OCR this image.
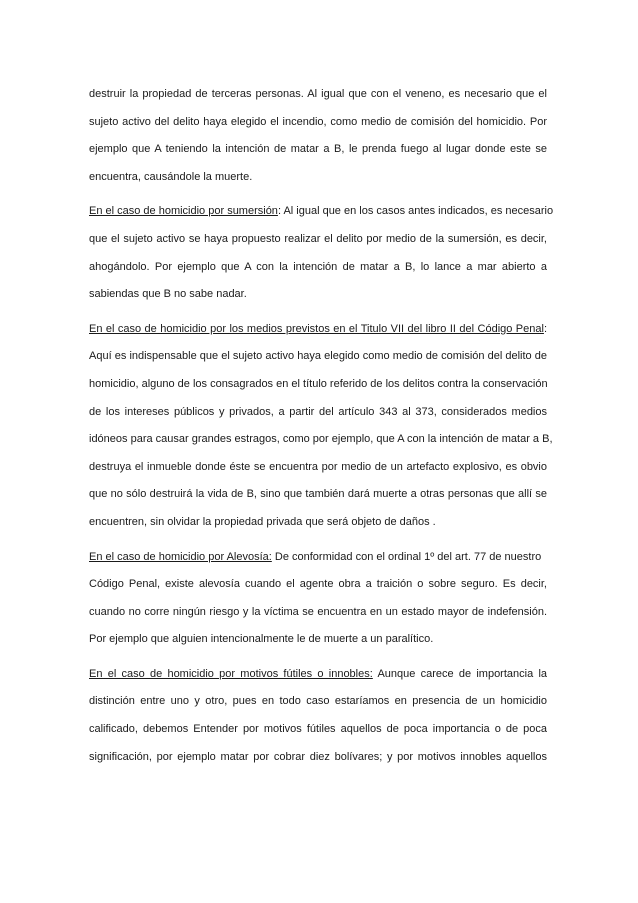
destruir la propiedad de terceras personas. Al igual que con el veneno, es necesario que el
sujeto activo del delito haya elegido el incendio, como medio de comisión del homicidio. Por
ejemplo que A teniendo la intención de matar a B, le prenda fuego al lugar donde este se
encuentra, causándole la muerte.
En el caso de homicidio por sumersión: Al igual que en los casos antes indicados, es necesario
que el sujeto activo se haya propuesto realizar el delito por medio de la sumersión, es decir,
ahogándolo. Por ejemplo que A con la intención de matar a B, lo lance a mar abierto a
sabiendas que B no sabe nadar.
En el caso de homicidio por los medios previstos en el Titulo VII del libro II del Código Penal:
Aquí es indispensable que el sujeto activo haya elegido como medio de comisión del delito de
homicidio, alguno de los consagrados en el título referido de los delitos contra la conservación
de los intereses públicos y privados, a partir del artículo 343 al 373, considerados medios
idóneos para causar grandes estragos, como por ejemplo, que A con la intención de matar a B,
destruya el inmueble donde éste se encuentra por medio de un artefacto explosivo, es obvio
que no sólo destruirá la vida de B, sino que también dará muerte a otras personas que allí se
encuentren, sin olvidar la propiedad privada que será objeto de daños .
En el caso de homicidio por Alevosía: De conformidad con el ordinal 1º del art. 77 de nuestro
Código Penal, existe alevosía cuando el agente obra a traición o sobre seguro. Es decir,
cuando no corre ningún riesgo y la víctima se encuentra en un estado mayor de indefensión.
Por ejemplo que alguien intencionalmente le de muerte a un paralítico.
En el caso de homicidio por motivos fútiles o innobles: Aunque carece de importancia la
distinción entre uno y otro, pues en todo caso estaríamos en presencia de un homicidio
calificado, debemos Entender por motivos fútiles aquellos de poca importancia o de poca
significación, por ejemplo matar por cobrar diez bolívares; y por motivos innobles aquellos
